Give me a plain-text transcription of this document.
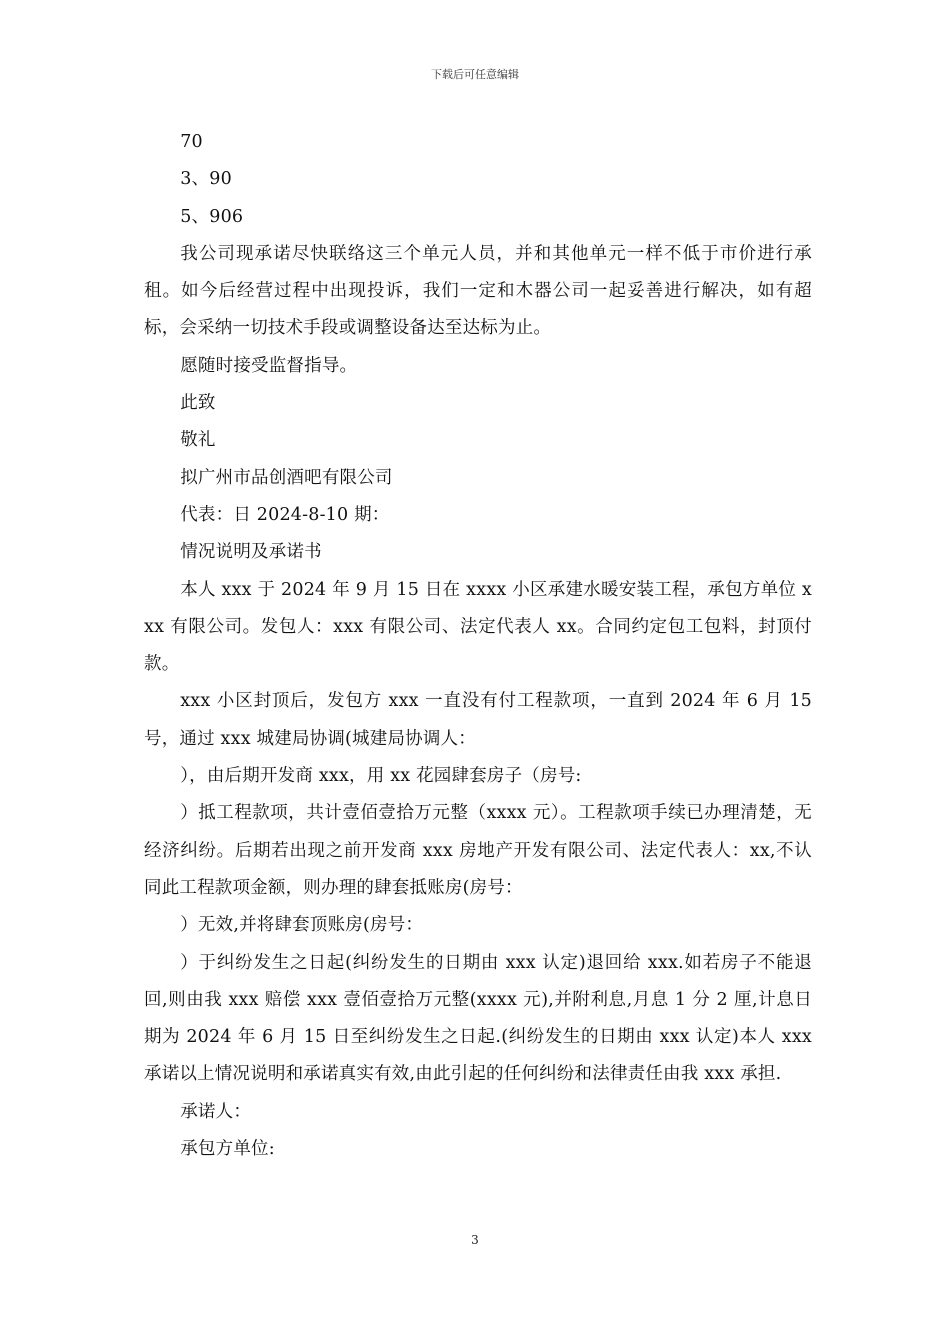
下载后可任意编辑

70

3、90

5、906

我公司现承诺尽快联络这三个单元人员，并和其他单元一样不低于市价进行承租。如今后经营过程中出现投诉，我们一定和木器公司一起妥善进行解决，如有超标，会采纳一切技术手段或调整设备达至达标为止。

愿随时接受监督指导。

此致

敬礼

拟广州市品创酒吧有限公司

代表：日 2024-8-10 期：

情况说明及承诺书

本人 xxx 于 2024 年 9 月 15 日在 xxxx 小区承建水暖安装工程，承包方单位 xxx 有限公司。发包人：xxx 有限公司、法定代表人 xx。合同约定包工包料，封顶付款。

xxx 小区封顶后，发包方 xxx 一直没有付工程款项，一直到 2024 年 6 月 15 号，通过 xxx 城建局协调(城建局协调人：

），由后期开发商 xxx，用 xx 花园肆套房子（房号:

）抵工程款项，共计壹佰壹拾万元整（xxxx 元）。工程款项手续已办理清楚，无经济纠纷。后期若出现之前开发商 xxx 房地产开发有限公司、法定代表人：xx,不认同此工程款项金额，则办理的肆套抵账房(房号：

）无效,并将肆套顶账房(房号：

）于纠纷发生之日起(纠纷发生的日期由 xxx 认定)退回给 xxx.如若房子不能退回,则由我 xxx 赔偿 xxx 壹佰壹拾万元整(xxxx 元),并附利息,月息 1 分 2 厘,计息日期为 2024 年 6 月 15 日至纠纷发生之日起.(纠纷发生的日期由 xxx 认定)本人 xxx 承诺以上情况说明和承诺真实有效,由此引起的任何纠纷和法律责任由我 xxx 承担.

承诺人：

承包方单位:

3
